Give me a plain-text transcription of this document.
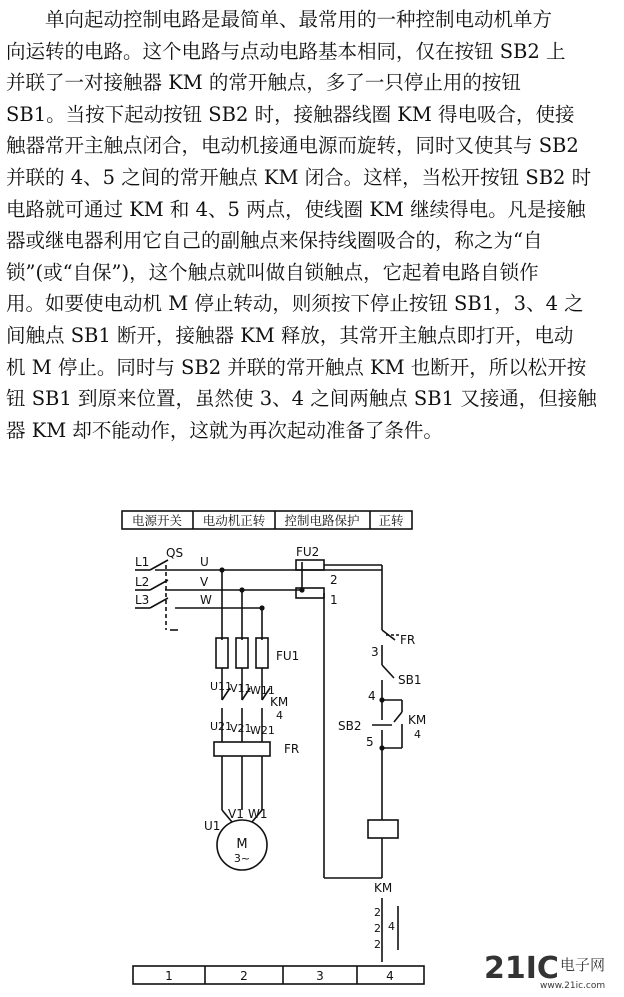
　　单向起动控制电路是最简单、最常用的一种控制电动机单方
向运转的电路。这个电路与点动电路基本相同，仅在按钮 SB2 上
并联了一对接触器 KM 的常开触点，多了一只停止用的按钮
SB1。当按下起动按钮 SB2 时，接触器线圈 KM 得电吸合，使接
触器常开主触点闭合，电动机接通电源而旋转，同时又使其与 SB2
并联的 4、5 之间的常开触点 KM 闭合。这样，当松开按钮 SB2 时
电路就可通过 KM 和 4、5 两点，使线圈 KM 继续得电。凡是接触
器或继电器利用它自己的副触点来保持线圈吸合的，称之为“自
锁”(或“自保”)，这个触点就叫做自锁触点，它起着电路自锁作
用。如要使电动机 M 停止转动，则须按下停止按钮 SB1，3、4 之
间触点 SB1 断开，接触器 KM 释放，其常开主触点即打开，电动
机 M 停止。同时与 SB2 并联的常开触点 KM 也断开，所以松开按
钮 SB1 到原来位置，虽然使 3、4 之间两触点 SB1 又接通，但接触
器 KM 却不能动作，这就为再次起动准备了条件。

电源开关 电动机正转 控制电路保护 正转
L1
L2
L3
QS
U
V
W
FU2
FU1
U11
V11
W11
KM
4
U21
V21
W21
FR
U1
V1 W1
M
3~
1
2
3
4
5
FR
SB1
SB2	KM
4
KM
2
2
2
4
1	2	3	4	21IC 电子网
www.21ic.com
